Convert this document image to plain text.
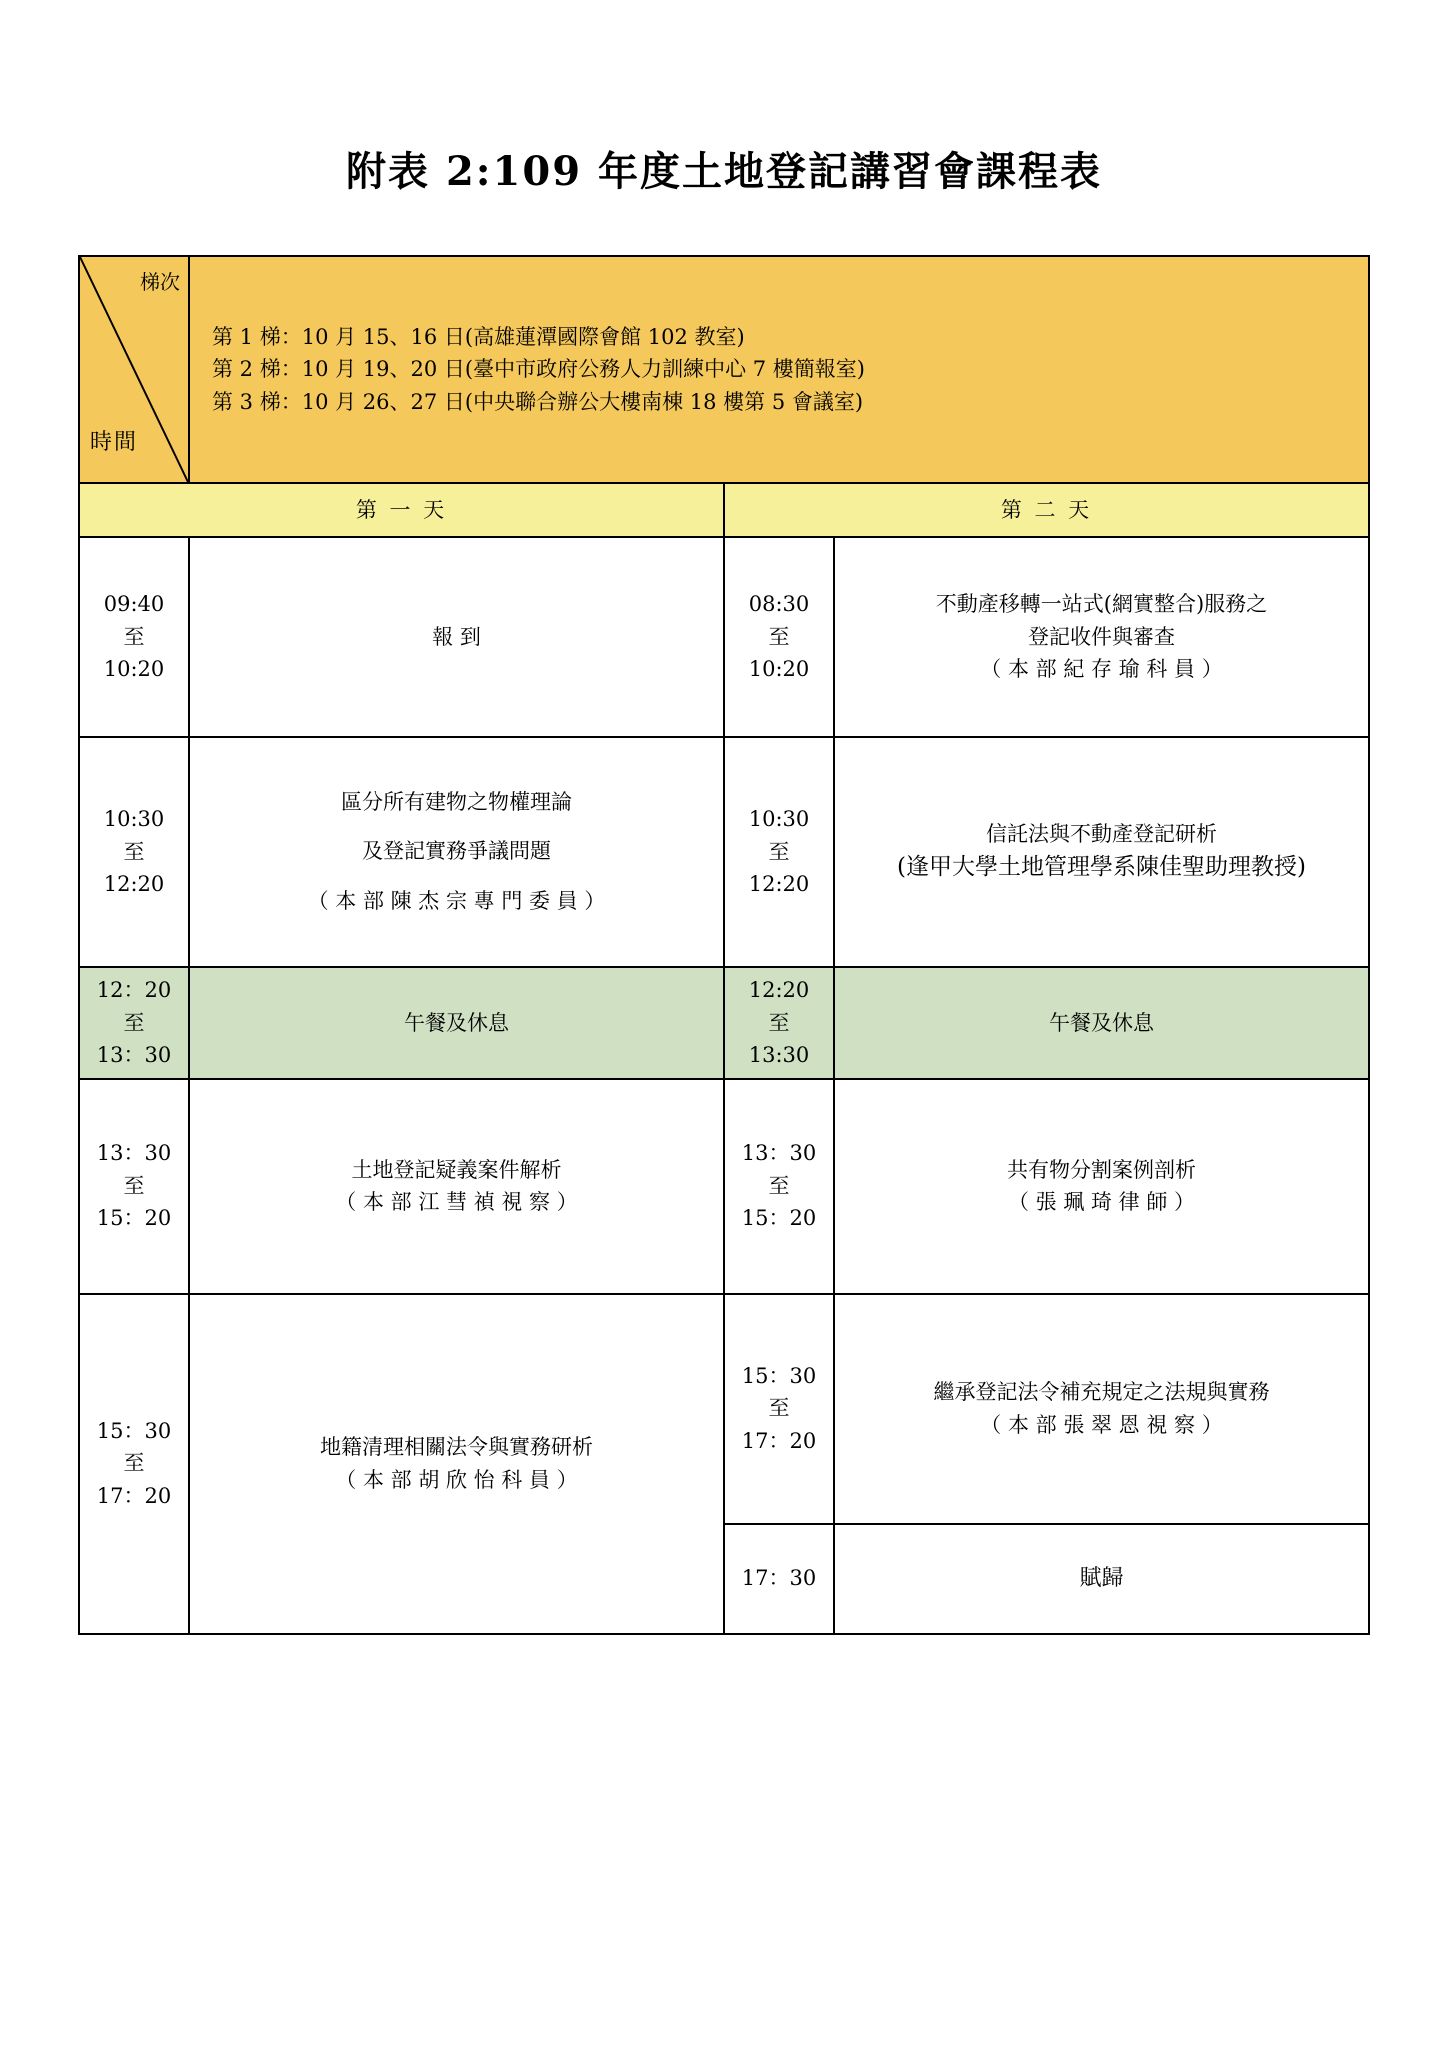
附表 2:109 年度土地登記講習會課程表
梯次
時間	第 1 梯：10 月 15、16 日(高雄蓮潭國際會館 102 教室)
第 2 梯：10 月 19、20 日(臺中市政府公務人力訓練中心 7 樓簡報室)
第 3 梯：10 月 26、27 日(中央聯合辦公大樓南棟 18 樓第 5 會議室)		

第 一 天		第 二 天	

09:40
至
10:20	報 到	08:30
至
10:20	不動產移轉一站式(網實整合)服務之
登記收件與審查
（ 本 部 紀 存 瑜 科 員 ）

10:30
至
12:20	區分所有建物之物權理論
及登記實務爭議問題
（ 本 部 陳 杰 宗 專 門 委 員 ）	10:30
至
12:20	信託法與不動產登記研析
(逢甲大學土地管理學系陳佳聖助理教授)

12：20
至
13：30	午餐及休息	12:20
至
13:30	午餐及休息

13：30
至
15：20	土地登記疑義案件解析
（ 本 部 江 彗 禎 視 察 ）	13：30
至
15：20	共有物分割案例剖析
（ 張 珮 琦 律 師 ）

15：30
至
17：20	地籍清理相關法令與實務研析
（ 本 部 胡 欣 怡 科 員 ）	15：30
至
17：20	繼承登記法令補充規定之法規與實務
（ 本 部 張 翠 恩 視 察 ）

		17：30	賦歸
